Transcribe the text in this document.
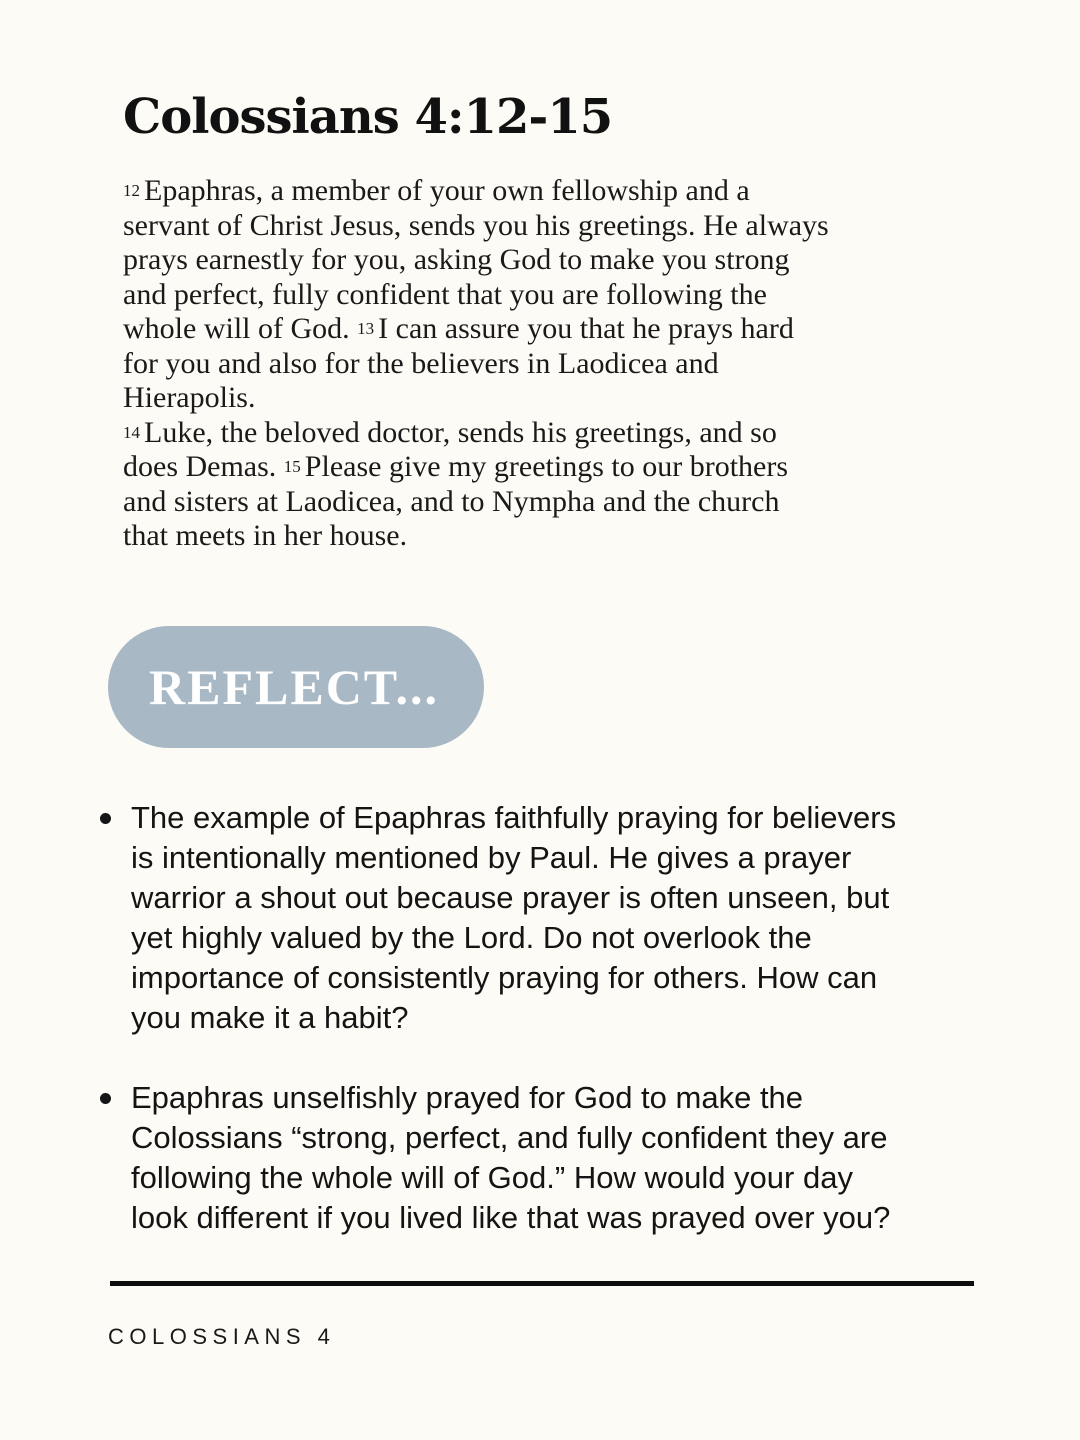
Colossians 4:12-15
$^{12}$ Epaphras, a member of your own fellowship and a
servant of Christ Jesus, sends you his greetings. He always
prays earnestly for you, asking God to make you strong
and perfect, fully confident that you are following the
whole will of God. $^{13}$ I can assure you that he prays hard
for you and also for the believers in Laodicea and
Hierapolis.
$^{14}$ Luke, the beloved doctor, sends his greetings, and so
does Demas. $^{15}$ Please give my greetings to our brothers
and sisters at Laodicea, and to Nympha and the church
that meets in her house.
REFLECT...
The example of Epaphras faithfully praying for believers
is intentionally mentioned by Paul. He gives a prayer
warrior a shout out because prayer is often unseen, but
yet highly valued by the Lord. Do not overlook the
importance of consistently praying for others. How can
you make it a habit?
Epaphras unselfishly prayed for God to make the
Colossians “strong, perfect, and fully confident they are
following the whole will of God.” How would your day
look different if you lived like that was prayed over you?
COLOSSIANS 4
